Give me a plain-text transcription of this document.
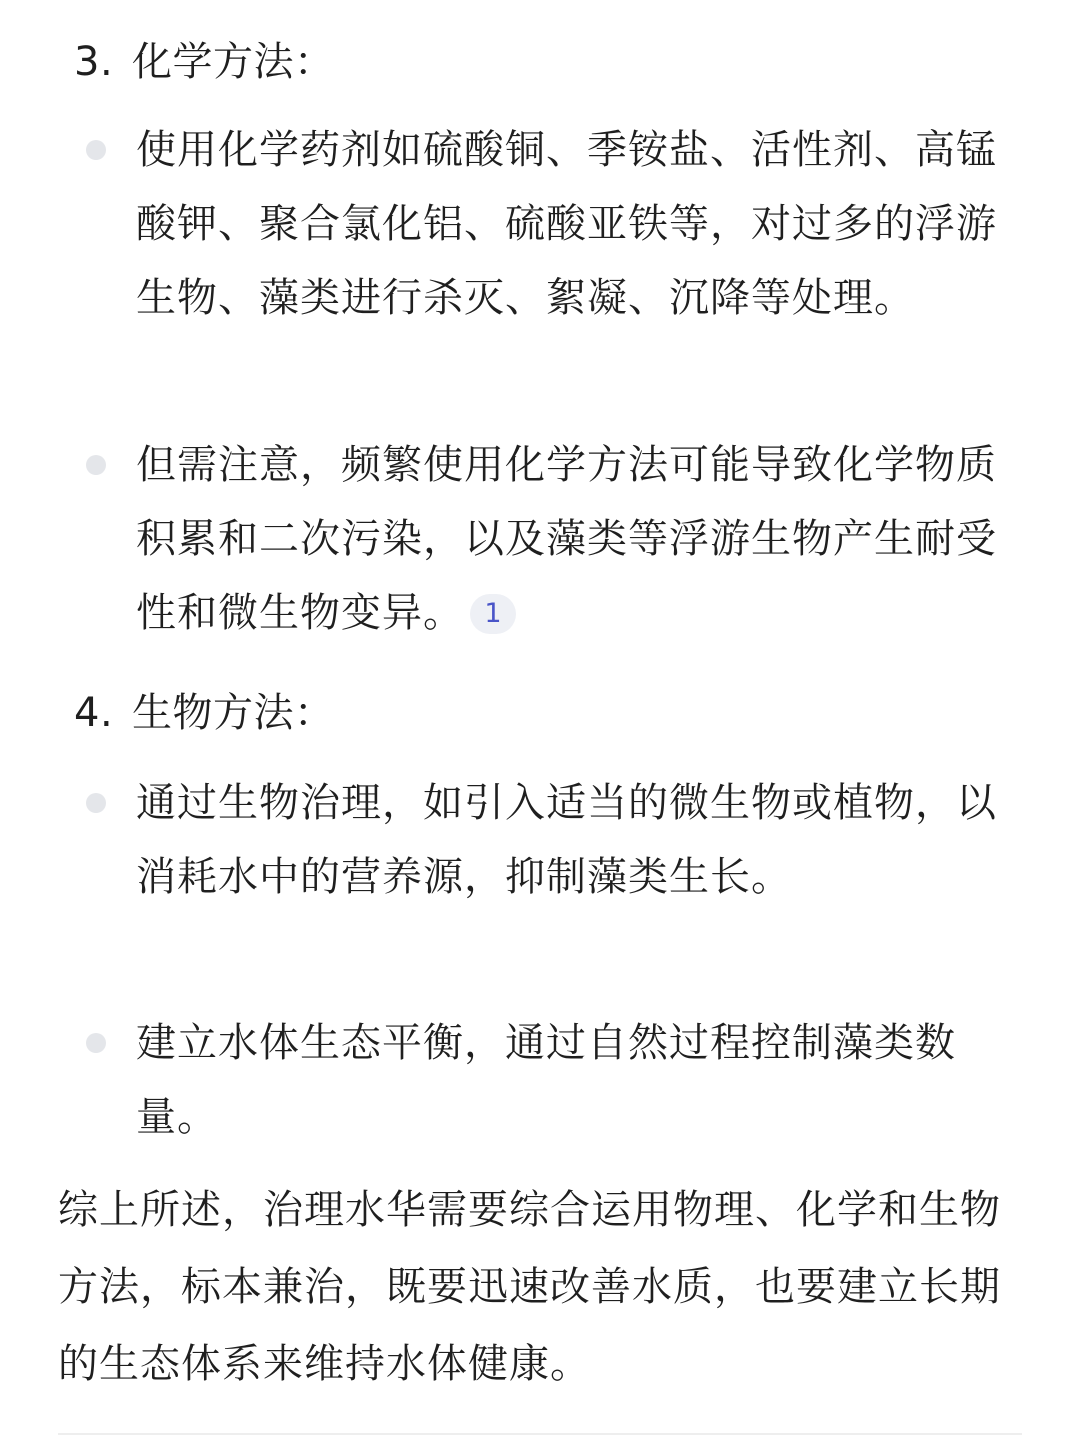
3. 化学方法：
使用化学药剂如硫酸铜、季铵盐、活性剂、高锰酸钾、聚合氯化铝、硫酸亚铁等，对过多的浮游生物、藻类进行杀灭、絮凝、沉降等处理。
但需注意，频繁使用化学方法可能导致化学物质积累和二次污染，以及藻类等浮游生物产生耐受性和微生物变异。 1
4. 生物方法：
通过生物治理，如引入适当的微生物或植物，以消耗水中的营养源，抑制藻类生长。
建立水体生态平衡，通过自然过程控制藻类数量。
综上所述，治理水华需要综合运用物理、化学和生物方法，标本兼治，既要迅速改善水质，也要建立长期的生态体系来维持水体健康。
